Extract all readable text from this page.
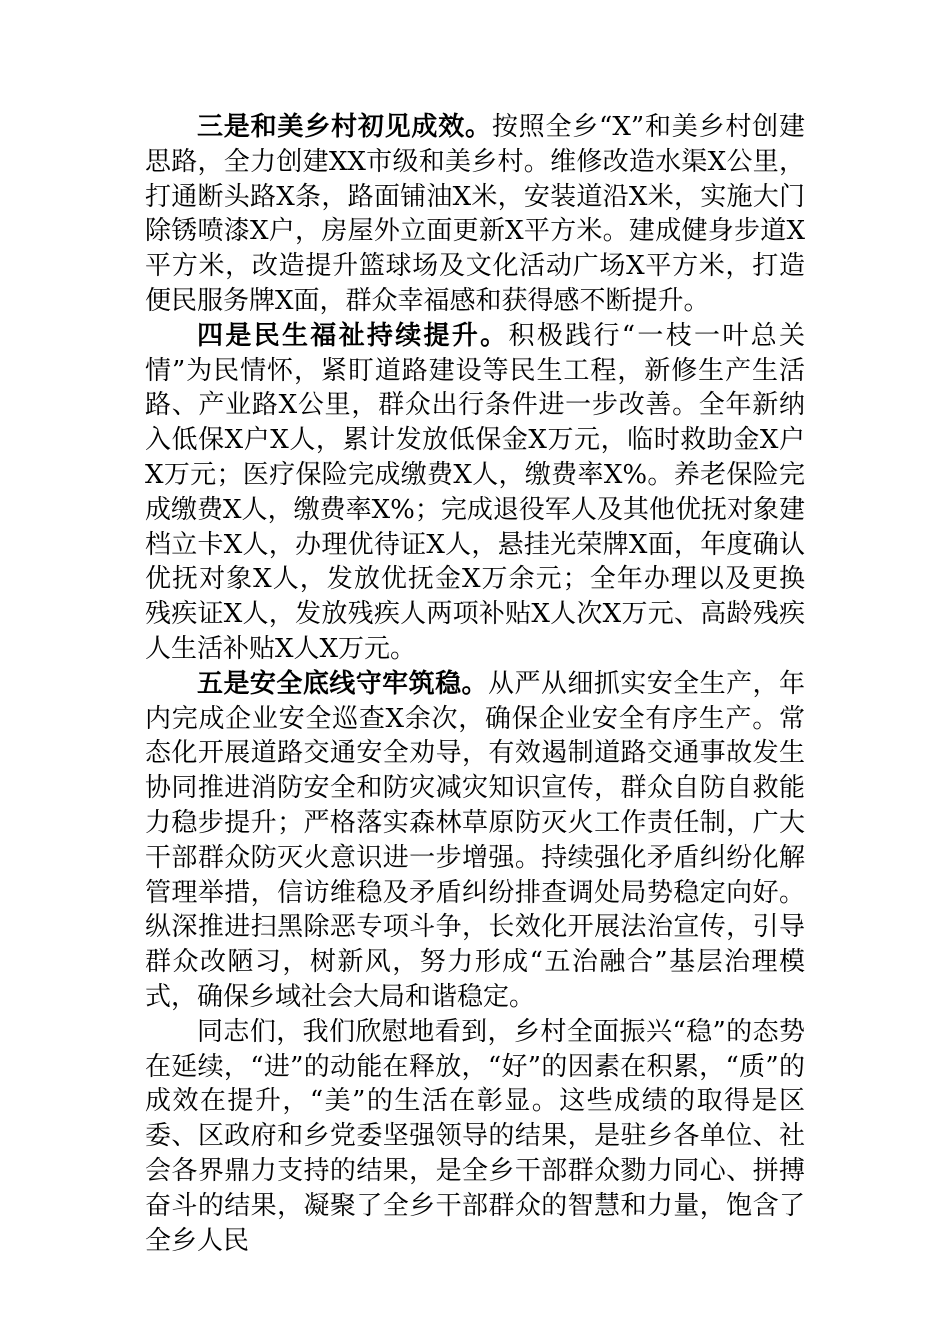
三是和美乡村初见成效。按照全乡“X”和美乡村创建思路，全力创建XX市级和美乡村。维修改造水渠X公里，打通断头路X条，路面铺油X米，安装道沿X米，实施大门除锈喷漆X户，房屋外立面更新X平方米。建成健身步道X平方米，改造提升篮球场及文化活动广场X平方米，打造便民服务牌X面，群众幸福感和获得感不断提升。

四是民生福祉持续提升。积极践行“一枝一叶总关情”为民情怀，紧盯道路建设等民生工程，新修生产生活路、产业路X公里，群众出行条件进一步改善。全年新纳入低保X户X人，累计发放低保金X万元，临时救助金X户X万元；医疗保险完成缴费X人，缴费率X%。养老保险完成缴费X人，缴费率X%；完成退役军人及其他优抚对象建档立卡X人，办理优待证X人，悬挂光荣牌X面，年度确认优抚对象X人，发放优抚金X万余元；全年办理以及更换残疾证X人，发放残疾人两项补贴X人次X万元、高龄残疾人生活补贴X人X万元。

五是安全底线守牢筑稳。从严从细抓实安全生产，年内完成企业安全巡查X余次，确保企业安全有序生产。常态化开展道路交通安全劝导，有效遏制道路交通事故发生协同推进消防安全和防灾减灾知识宣传，群众自防自救能力稳步提升；严格落实森林草原防灭火工作责任制，广大干部群众防灭火意识进一步增强。持续强化矛盾纠纷化解管理举措，信访维稳及矛盾纠纷排查调处局势稳定向好。纵深推进扫黑除恶专项斗争，长效化开展法治宣传，引导群众改陋习，树新风，努力形成“五治融合”基层治理模式，确保乡域社会大局和谐稳定。

同志们，我们欣慰地看到，乡村全面振兴“稳”的态势在延续，“进”的动能在释放，“好”的因素在积累，“质”的成效在提升，“美”的生活在彰显。这些成绩的取得是区委、区政府和乡党委坚强领导的结果，是驻乡各单位、社会各界鼎力支持的结果，是全乡干部群众勠力同心、拼搏奋斗的结果，凝聚了全乡干部群众的智慧和力量，饱含了全乡人民
